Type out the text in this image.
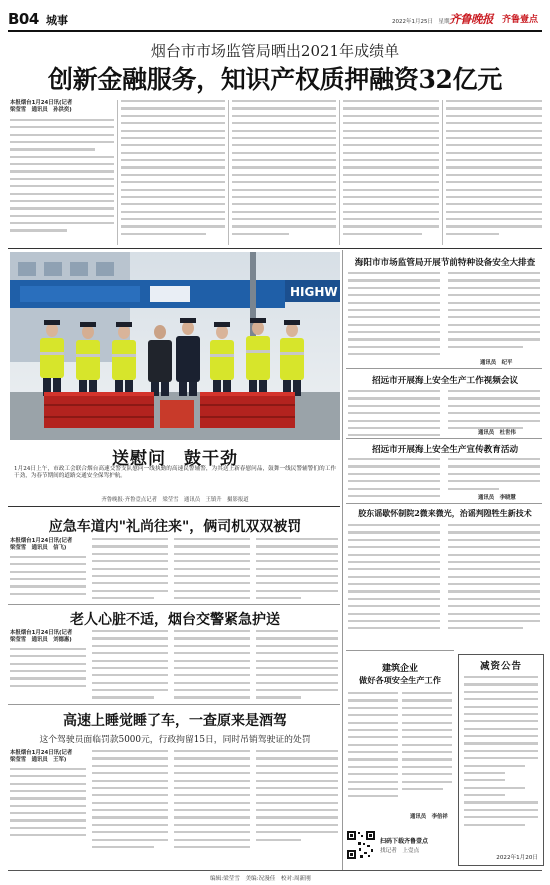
B04 城事	2022年1月25日　星期二
齐鲁晚报 齐鲁壹点
烟台市市场监管局晒出2021年成绩单
创新金融服务，知识产权质押融资32亿元
本报烟台1月24日讯(记者
梁莹雪　通讯员　孙洪奕)
HIGHW
送慰问　鼓干劲
1月24日上午，市政工会联合烟台高速交警支队慰问一线执勤的高速民警辅警，为其送上新春慰问品，鼓舞一线民警辅警们的工作干劲，为春节期间的道路交通安全保驾护航。
齐鲁晚报·齐鲁壹点记者　梁莹雪　通讯员　王镇升　摄影报道
应急车道内"礼尚往来"，俩司机双双被罚
本报烟台1月24日讯(记者
梁莹雪　通讯员　信飞)
老人心脏不适，烟台交警紧急护送
本报烟台1月24日讯(记者
梁莹雪　通讯员　刘德惠)
高速上睡觉睡了车，一查原来是酒驾
这个驾驶员面临罚款5000元，行政拘留15日，同时吊销驾驶证的处罚
本报烟台1月24日讯(记者
梁莹雪　通讯员　王军)
海阳市市场监管局开展节前特种设备安全大排查
通讯员　纪平
招远市开展海上安全生产工作视频会议
通讯员　杜世伟
招远市开展海上安全生产宣传教育活动
通讯员　李晓慧
胶东谣歇怀制院2微来微光，治谣判隍牲生新技术
建筑企业
做好各项安全生产工作
通讯员　李倍祥
扫码下载齐鲁壹点
找记者　上壹点
减资公告
2022年1月20日
编辑:梁莹雪　美编:况漫佳　校对:周新刚
